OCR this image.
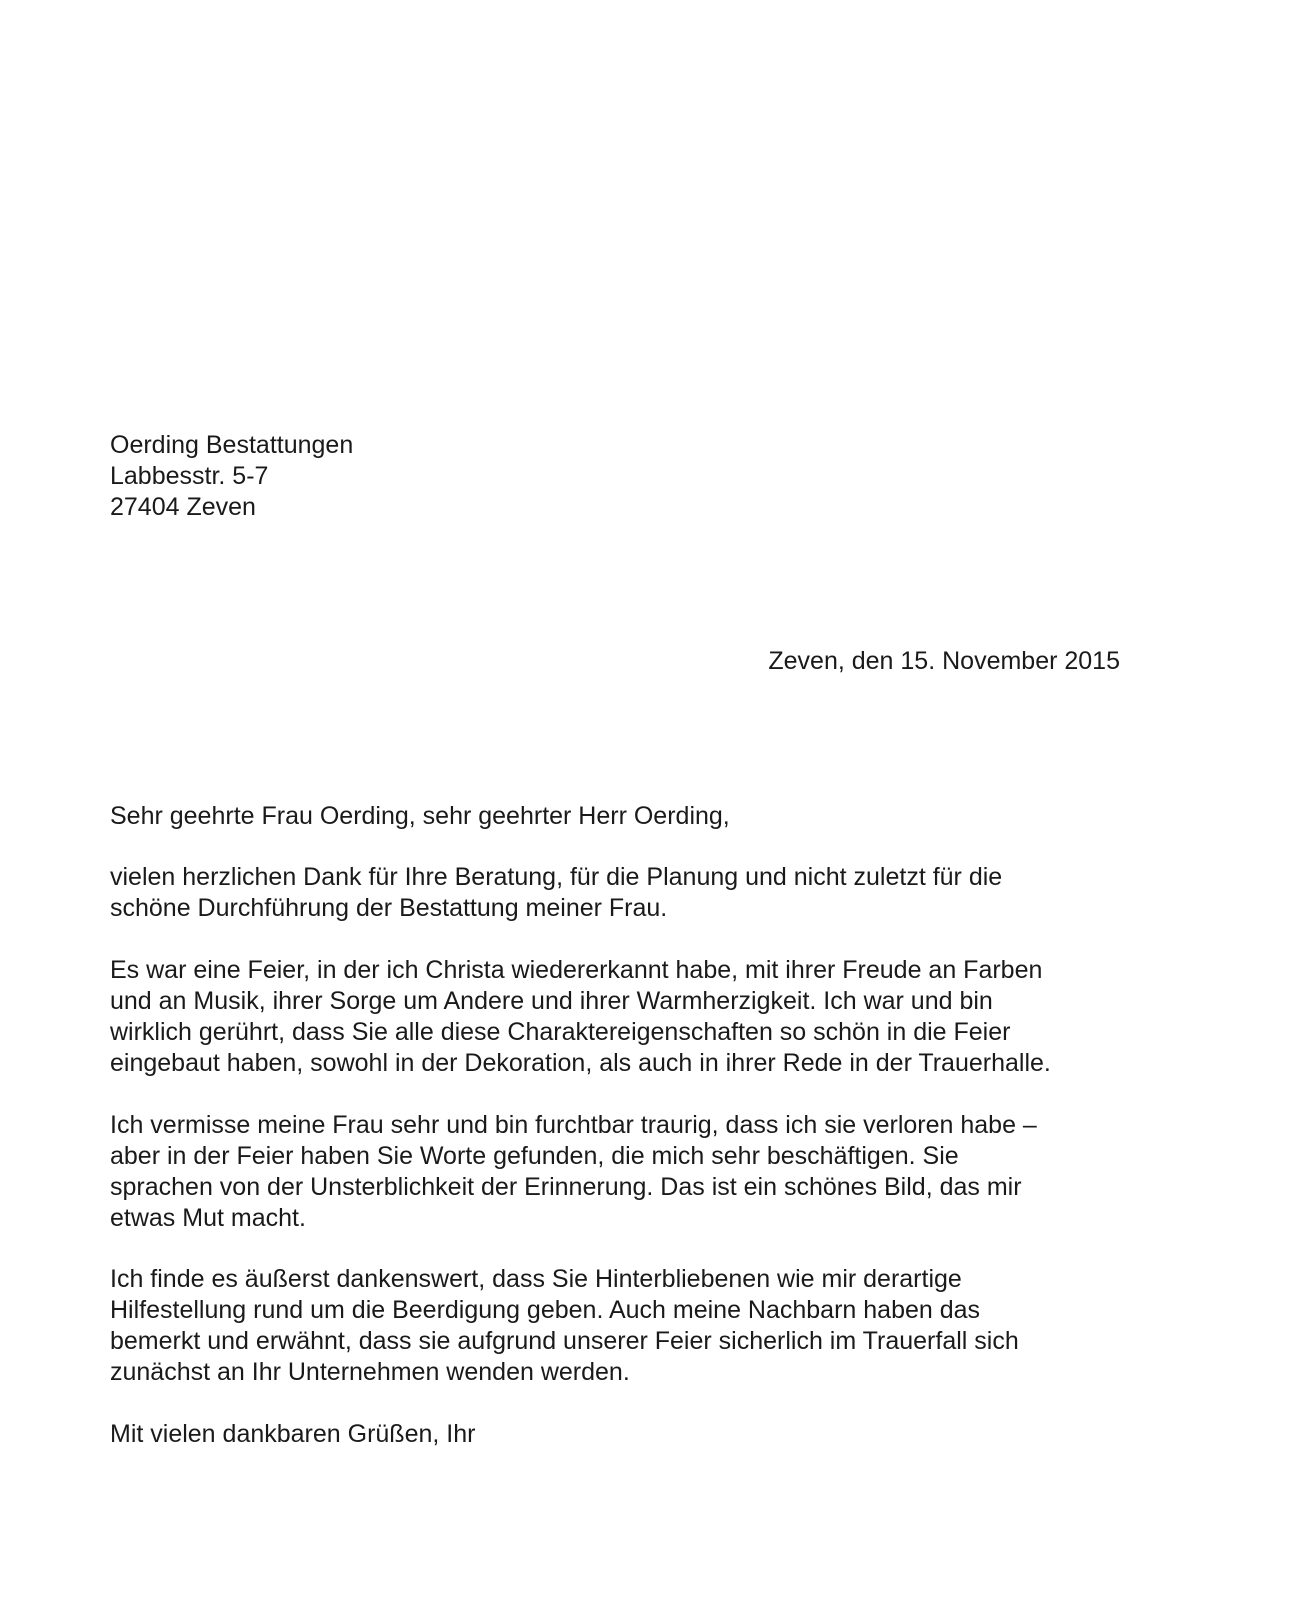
Oerding Bestattungen
Labbesstr. 5-7
27404 Zeven
Zeven, den 15. November 2015
Sehr geehrte Frau Oerding, sehr geehrter Herr Oerding,
vielen herzlichen Dank für Ihre Beratung, für die Planung und nicht zuletzt für die
schöne Durchführung der Bestattung meiner Frau.
Es war eine Feier, in der ich Christa wiedererkannt habe, mit ihrer Freude an Farben
und an Musik, ihrer Sorge um Andere und ihrer Warmherzigkeit. Ich war und bin
wirklich gerührt, dass Sie alle diese Charaktereigenschaften so schön in die Feier
eingebaut haben, sowohl in der Dekoration, als auch in ihrer Rede in der Trauerhalle.
Ich vermisse meine Frau sehr und bin furchtbar traurig, dass ich sie verloren habe –
aber in der Feier haben Sie Worte gefunden, die mich sehr beschäftigen. Sie
sprachen von der Unsterblichkeit der Erinnerung. Das ist ein schönes Bild, das mir
etwas Mut macht.
Ich finde es äußerst dankenswert, dass Sie Hinterbliebenen wie mir derartige
Hilfestellung rund um die Beerdigung geben. Auch meine Nachbarn haben das
bemerkt und erwähnt, dass sie aufgrund unserer Feier sicherlich im Trauerfall sich
zunächst an Ihr Unternehmen wenden werden.
Mit vielen dankbaren Grüßen, Ihr
